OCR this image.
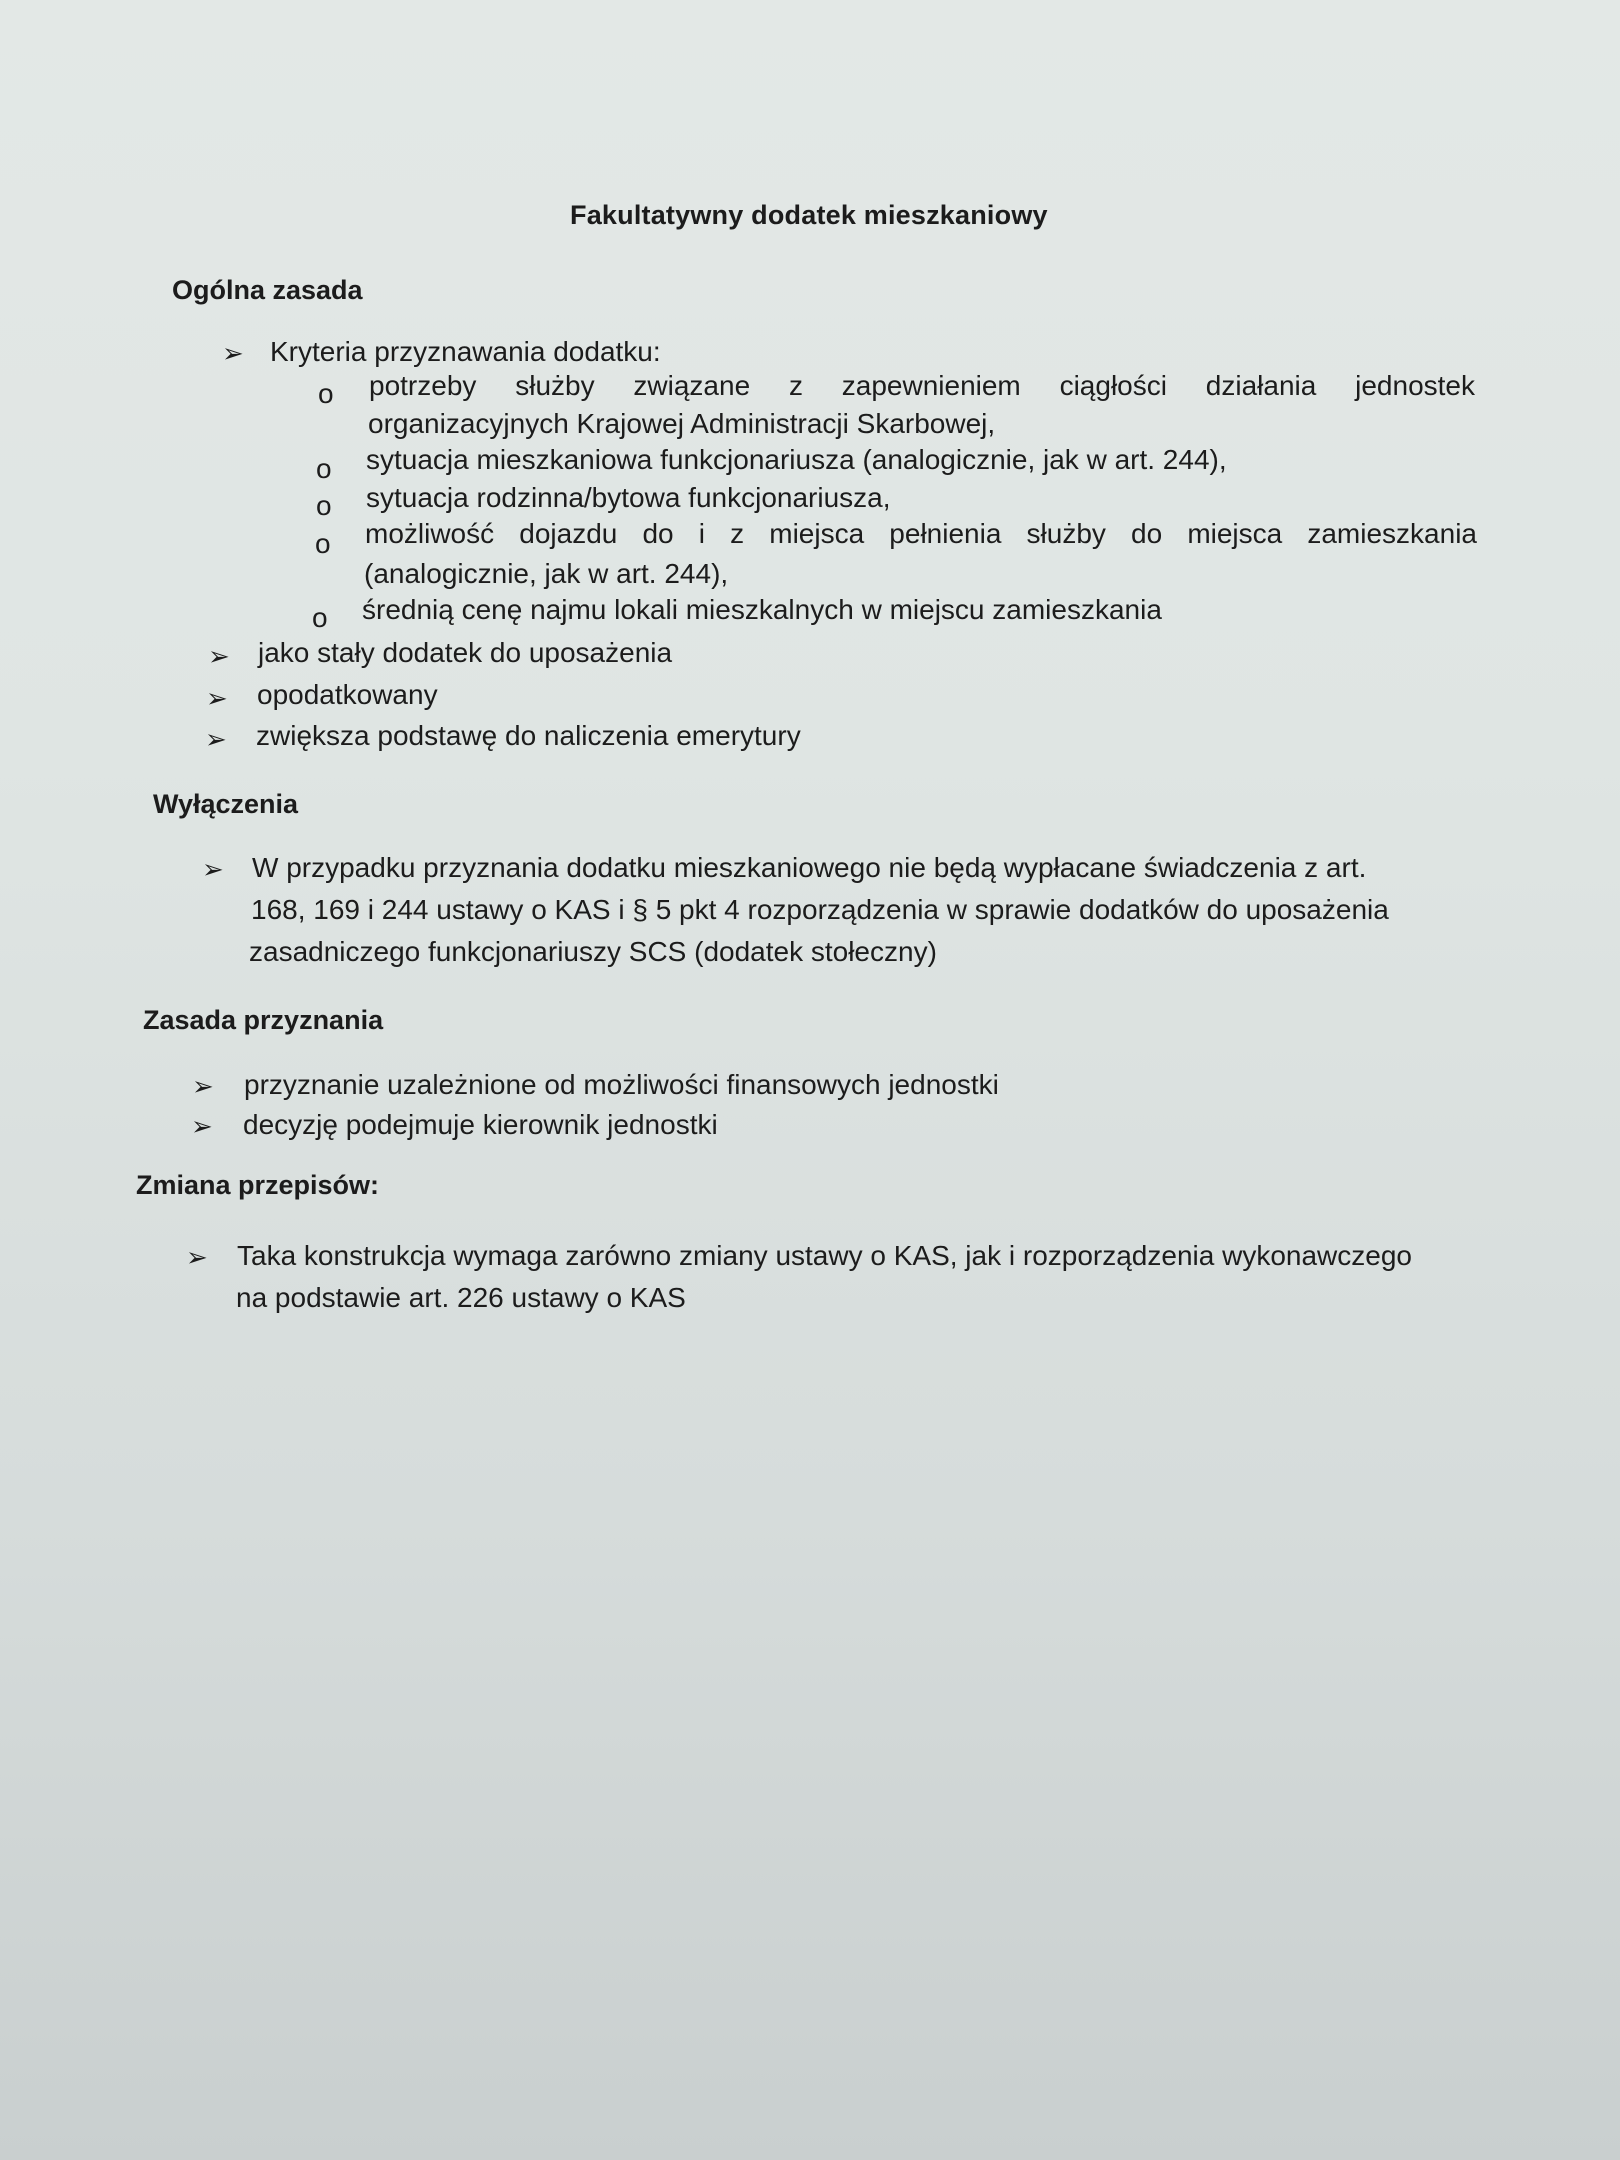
Fakultatywny dodatek mieszkaniowy
Ogólna zasada
➢ Kryteria przyznawania dodatku:
o potrzeby służby związane z zapewnieniem ciągłości działania jednostek
organizacyjnych Krajowej Administracji Skarbowej,
o sytuacja mieszkaniowa funkcjonariusza (analogicznie, jak w art. 244),
o sytuacja rodzinna/bytowa funkcjonariusza,
o możliwość dojazdu do i z miejsca pełnienia służby do miejsca zamieszkania
(analogicznie, jak w art. 244),
o średnią cenę najmu lokali mieszkalnych w miejscu zamieszkania
➢ jako stały dodatek do uposażenia
➢ opodatkowany
➢ zwiększa podstawę do naliczenia emerytury
Wyłączenia
➢ W przypadku przyznania dodatku mieszkaniowego nie będą wypłacane świadczenia z art.
168, 169 i 244 ustawy o KAS i § 5 pkt 4 rozporządzenia w sprawie dodatków do uposażenia
zasadniczego funkcjonariuszy SCS (dodatek stołeczny)
Zasada przyznania
➢ przyznanie uzależnione od możliwości finansowych jednostki
➢ decyzję podejmuje kierownik jednostki
Zmiana przepisów:
➢ Taka konstrukcja wymaga zarówno zmiany ustawy o KAS, jak i rozporządzenia wykonawczego
na podstawie art. 226 ustawy o KAS
